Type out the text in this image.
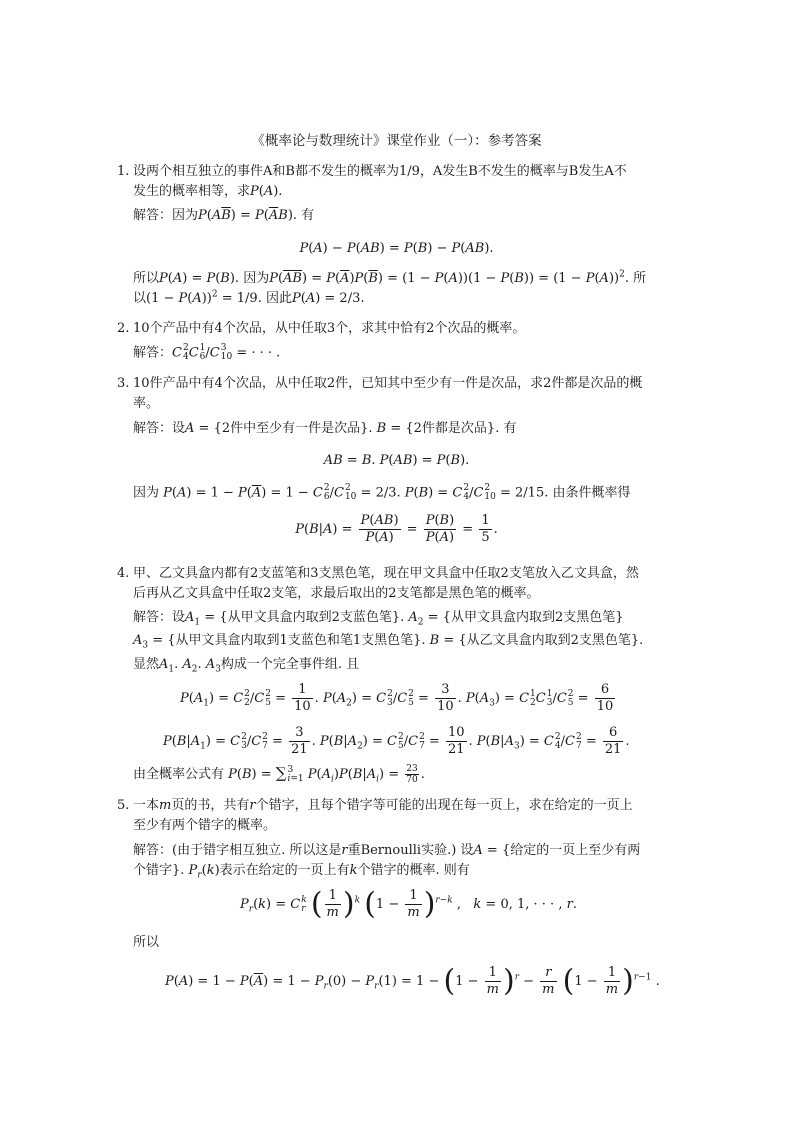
《概率论与数理统计》课堂作业（一）：参考答案
1. 设两个相互独立的事件A和B都不发生的概率为1/9，A发生B不发生的概率与B发生A不
发生的概率相等，求P(A).
解答：因为$P(A\overline{B}) = P(\overline{A}B)$. 有
P(A) − P(AB) = P(B) − P(AB).
所以P(A) = P(B). 因为$P(\overline{A}\overline{B}) = P(\overline{A})P(\overline{B}) = (1 - P(A))(1 - P(B)) = (1 - P(A))^2$. 所
以$(1 - P(A))^2 = 1/9$. 因此P(A) = 2/3.
2. 10个产品中有4个次品，从中任取3个，求其中恰有2个次品的概率。
解答：C 2
4 C 1
6 /C 3
10 = · · · .
3. 10件产品中有4个次品，从中任取2件，已知其中至少有一件是次品，求2件都是次品的概
率。
解答：设A = {2件中至少有一件是次品}. B = {2件都是次品}. 有
AB = B. P(AB) = P(B).
因为 $P(A) = 1 - P(\overline{A}) = 1 - C$ 2
6 /C 2
10 = 2/3. P(B) = C 2
4 /C 2
10 = 2/15. 由条件概率得
$P(B|A) = \frac{P(AB)}{P(A)} = \frac{P(B)}{P(A)} = \frac{1}{5}$ .
4. 甲、乙文具盒内都有2支蓝笔和3支黑色笔，现在甲文具盒中任取2支笔放入乙文具盒，然
后再从乙文具盒中任取2支笔，求最后取出的2支笔都是黑色笔的概率。
解答：设$A_1$ = {从甲文具盒内取到2支蓝色笔}. $A_2$ = {从甲文具盒内取到2支黑色笔}
$A_3$ = {从甲文具盒内取到1支蓝色和笔1支黑色笔}. B = {从乙文具盒内取到2支黑色笔}.
显然$A_1$. $A_2$. $A_3$构成一个完全事件组. 且
$P(A_1) = C$ 2
2 /C 2
$5 = \frac{1}{10}$ . $P(A_2) = C$ 2
3 /C 2
$5 = \frac{3}{10}$ . $P(A_3) = C$ 1
2 C 1
3 /C 2
$5 = \frac{6}{10}$
$P(B|A_1) = C$ 2
3 /C 2
$7 = \frac{3}{21}$ . $P(B|A_2) = C$ 2
5 /C 2
$7 = \frac{10}{21}$ . $P(B|A_3) = C$ 2
4 /C 2
$7 = \frac{6}{21}$ .
由全概率公式有 P(B) = ∑ 3
i=1 $P(A_i)P(B|A_i) = \frac{23}{70}$ .
5. 一本m页的书，共有r个错字，且每个错字等可能的出现在每一页上，求在给定的一页上
至少有两个错字的概率。
解答：(由于错字相互独立. 所以这是r重Bernoulli实验.) 设A = {给定的一页上至少有两
个错字}. $P_r(k)$表示在给定的一页上有k个错字的概率. 则有
$P_r(k) = C$ k
r ( $\frac{1}{m} )^k$ $(1 - \frac{1}{m} )^{r-k}$ ,   k = 0, 1, · · · , r.
所以
$P(A) = 1 - P(\overline{A}) = 1 - P_r(0) - P_r(1) = 1 - (1 - \frac{1}{m} )^r - \frac{r}{m} (1 - \frac{1}{m} )^{r-1}$ .
